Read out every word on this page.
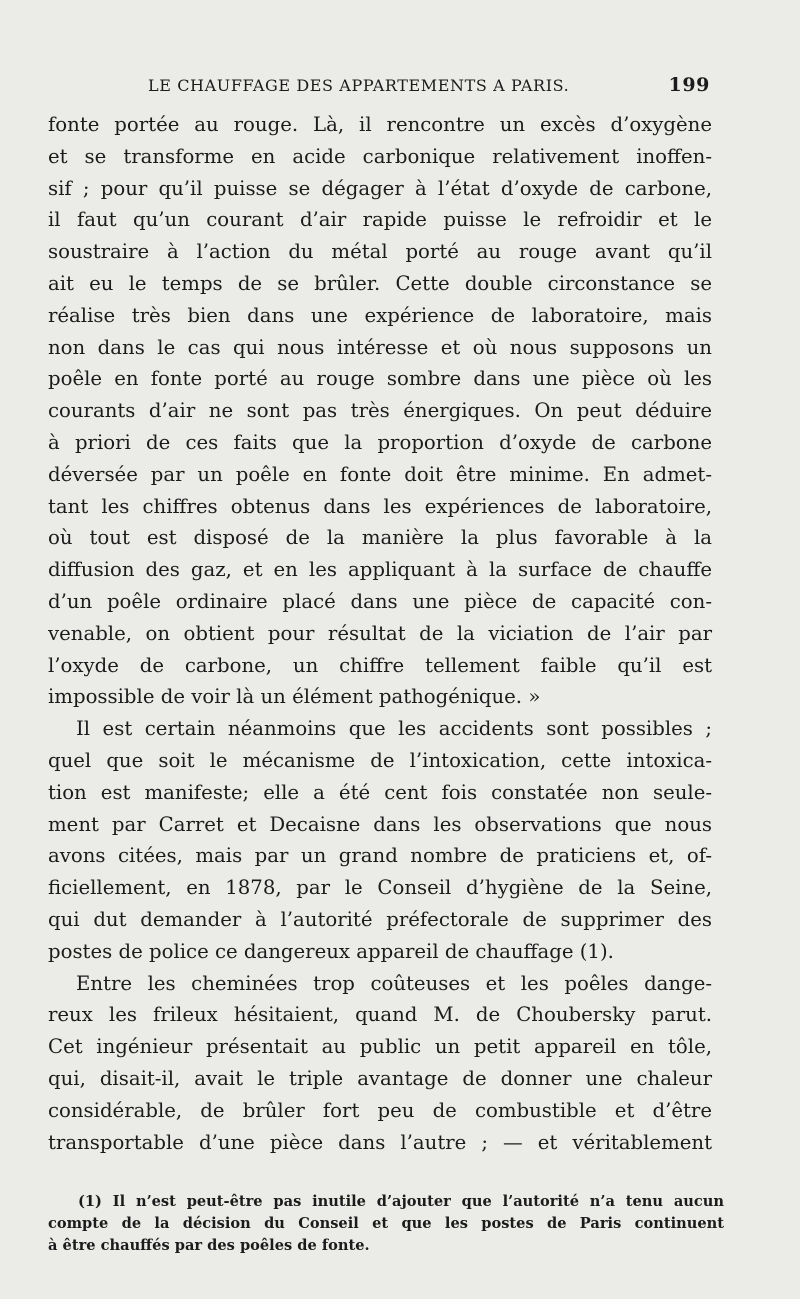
LE CHAUFFAGE DES APPARTEMENTS A PARIS.	199
fonte portée au rouge. Là, il rencontre un excès d’oxygène
et se transforme en acide carbonique relativement inoffen-
sif ; pour qu’il puisse se dégager à l’état d’oxyde de carbone,
il faut qu’un courant d’air rapide puisse le refroidir et le
soustraire à l’action du métal porté au rouge avant qu’il
ait eu le temps de se brûler. Cette double circonstance se
réalise très bien dans une expérience de laboratoire, mais
non dans le cas qui nous intéresse et où nous supposons un
poêle en fonte porté au rouge sombre dans une pièce où les
courants d’air ne sont pas très énergiques. On peut déduire
à priori de ces faits que la proportion d’oxyde de carbone
déversée par un poêle en fonte doit être minime. En admet-
tant les chiffres obtenus dans les expériences de laboratoire,
où tout est disposé de la manière la plus favorable à la
diffusion des gaz, et en les appliquant à la surface de chauffe
d’un poêle ordinaire placé dans une pièce de capacité con-
venable, on obtient pour résultat de la viciation de l’air par
l’oxyde de carbone, un chiffre tellement faible qu’il est
impossible de voir là un élément pathogénique. »
Il est certain néanmoins que les accidents sont possibles ;
quel que soit le mécanisme de l’intoxication, cette intoxica-
tion est manifeste; elle a été cent fois constatée non seule-
ment par Carret et Decaisne dans les observations que nous
avons citées, mais par un grand nombre de praticiens et, of-
ficiellement, en 1878, par le Conseil d’hygiène de la Seine,
qui dut demander à l’autorité préfectorale de supprimer des
postes de police ce dangereux appareil de chauffage (1).
Entre les cheminées trop coûteuses et les poêles dange-
reux les frileux hésitaient, quand M. de Choubersky parut.
Cet ingénieur présentait au public un petit appareil en tôle,
qui, disait-il, avait le triple avantage de donner une chaleur
considérable, de brûler fort peu de combustible et d’être
transportable d’une pièce dans l’autre ; — et véritablement
(1) Il n’est peut-être pas inutile d’ajouter que l’autorité n’a tenu aucun
compte de la décision du Conseil et que les postes de Paris continuent
à être chauffés par des poêles de fonte.
